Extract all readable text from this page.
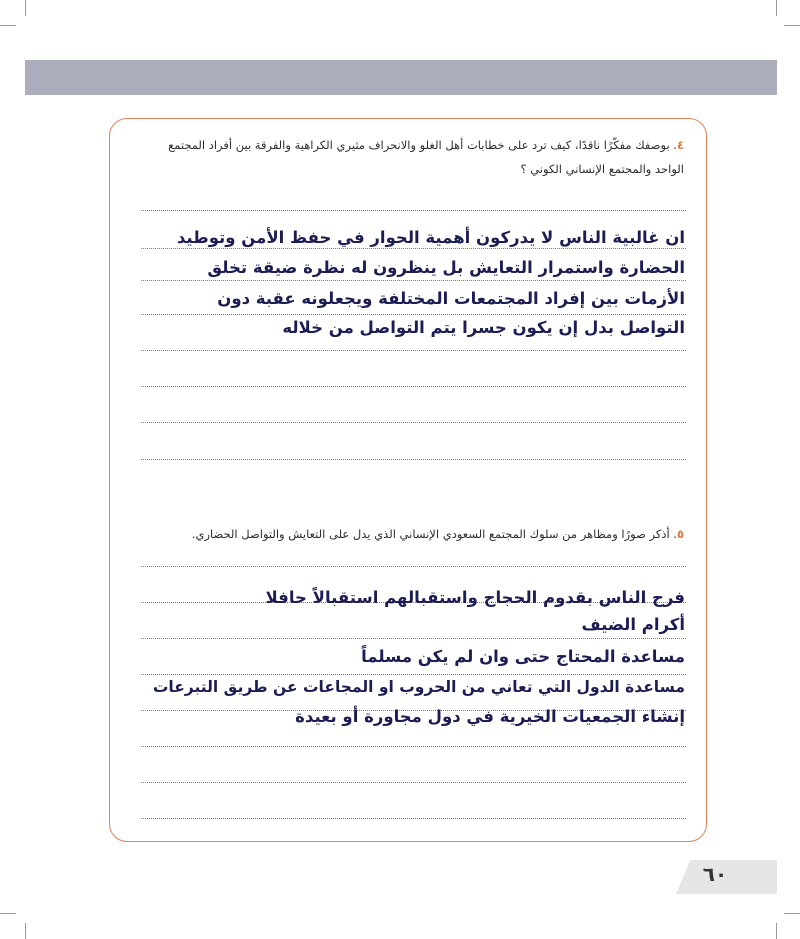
٤. بوصفك مفكّرًا ناقدًا، كيف ترد على خطابات أهل الغلو والانحراف مثيري الكراهية والفرقة بين أفراد المجتمع الواحد والمجتمع الإنساني الكوني ؟
ان غالبية الناس لا يدركون أهمية الحوار في حفظ الأمن وتوطيد
الحضارة واستمرار التعايش بل ينظرون له نظرة ضيقة تخلق
الأزمات بين إفراد المجتمعات المختلفة ويجعلونه عقبة دون
التواصل بدل إن يكون جسرا يتم التواصل من خلاله
٥. أذكر صورًا ومظاهر من سلوك المجتمع السعودي الإنساني الذي يدل على التعايش والتواصل الحضاري.
فرح الناس بقدوم الحجاج واستقبالهم استقبالاً حافلا
أكرام الضيف
مساعدة المحتاج حتى وان لم يكن مسلماً
مساعدة الدول التي تعاني من الحروب او المجاعات عن طريق التبرعات
إنشاء الجمعيات الخيرية في دول مجاورة أو بعيدة
٦٠
